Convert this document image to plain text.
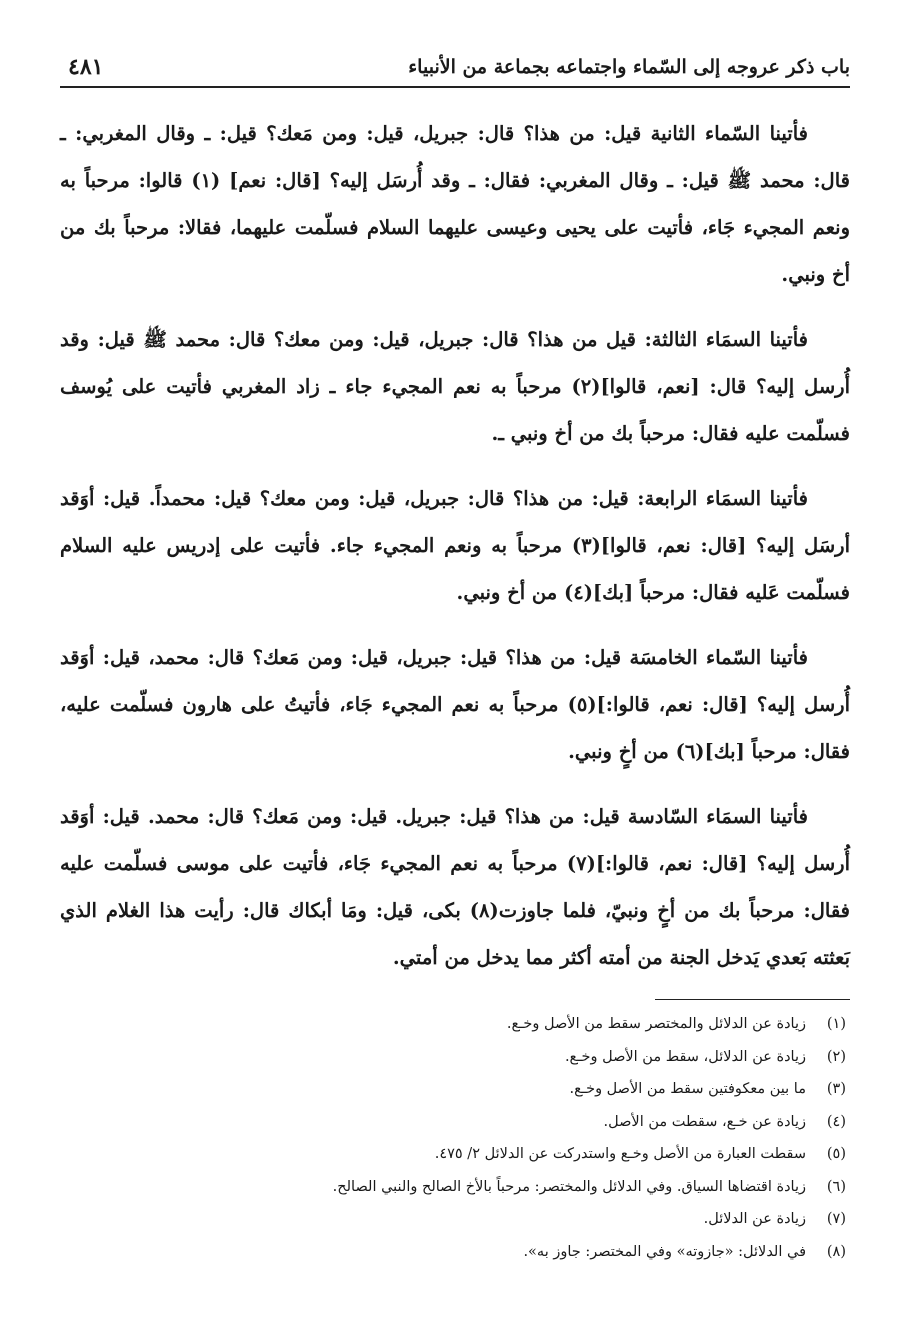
باب ذكر عروجه إلى السّماء واجتماعه بجماعة من الأنبياء
٤٨١

فأتينا السّماء الثانية قيل: من هذا؟ قال: جبريل، قيل: ومن مَعك؟ قيل: ـ وقال المغربي: ـ قال: محمد ﷺ قيل: ـ وقال المغربي: فقال: ـ وقد أُرسَل إليه؟ [قال: نعم] (١) قالوا: مرحباً به ونعم المجيء جَاء، فأتيت على يحيى وعيسى عليهما السلام فسلّمت عليهما، فقالا: مرحباً بك من أخ ونبي.

فأتينا السمَاء الثالثة: قيل من هذا؟ قال: جبريل، قيل: ومن معك؟ قال: محمد ﷺ قيل: وقد أُرسل إليه؟ قال: [نعم، قالوا](٢) مرحباً به نعم المجيء جاء ـ زاد المغربي فأتيت على يُوسف فسلّمت عليه فقال: مرحباً بك من أخ ونبي ـ.

فأتينا السمَاء الرابعة: قيل: من هذا؟ قال: جبريل، قيل: ومن معك؟ قيل: محمداً. قيل: أوَقد أرسَل إليه؟ [قال: نعم، قالوا](٣) مرحباً به ونعم المجيء جاء. فأتيت على إدريس عليه السلام فسلّمت عَليه فقال: مرحباً [بك](٤) من أخ ونبي.

فأتينا السّماء الخامسَة قيل: من هذا؟ قيل: جبريل، قيل: ومن مَعك؟ قال: محمد، قيل: أوَقد أُرسل إليه؟ [قال: نعم، قالوا:](٥) مرحباً به نعم المجيء جَاء، فأتيتُ على هارون فسلّمت عليه، فقال: مرحباً [بك](٦) من أخٍ ونبي.

فأتينا السمَاء السّادسة قيل: من هذا؟ قيل: جبريل. قيل: ومن مَعك؟ قال: محمد. قيل: أوَقد أُرسل إليه؟ [قال: نعم، قالوا:](٧) مرحباً به نعم المجيء جَاء، فأتيت على موسى فسلّمت عليه فقال: مرحباً بك من أخٍ ونبيّ، فلما جاوزت(٨) بكى، قيل: ومَا أبكاك قال: رأيت هذا الغلام الذي بَعثته بَعدي يَدخل الجنة من أمته أكثر مما يدخل من أمتي.

(١)زيادة عن الدلائل والمختصر سقط من الأصل وخـع.
(٢)زيادة عن الدلائل، سقط من الأصل وخـع.
(٣)ما بين معكوفتين سقط من الأصل وخـع.
(٤)زيادة عن خـع، سقطت من الأصل.
(٥)سقطت العبارة من الأصل وخـع واستدركت عن الدلائل ٢/ ٤٧٥.
(٦)زيادة اقتضاها السياق. وفي الدلائل والمختصر: مرحباً بالأخ الصالح والنبي الصالح.
(٧)زيادة عن الدلائل.
(٨)في الدلائل: «جازوته» وفي المختصر: جاوز به».
